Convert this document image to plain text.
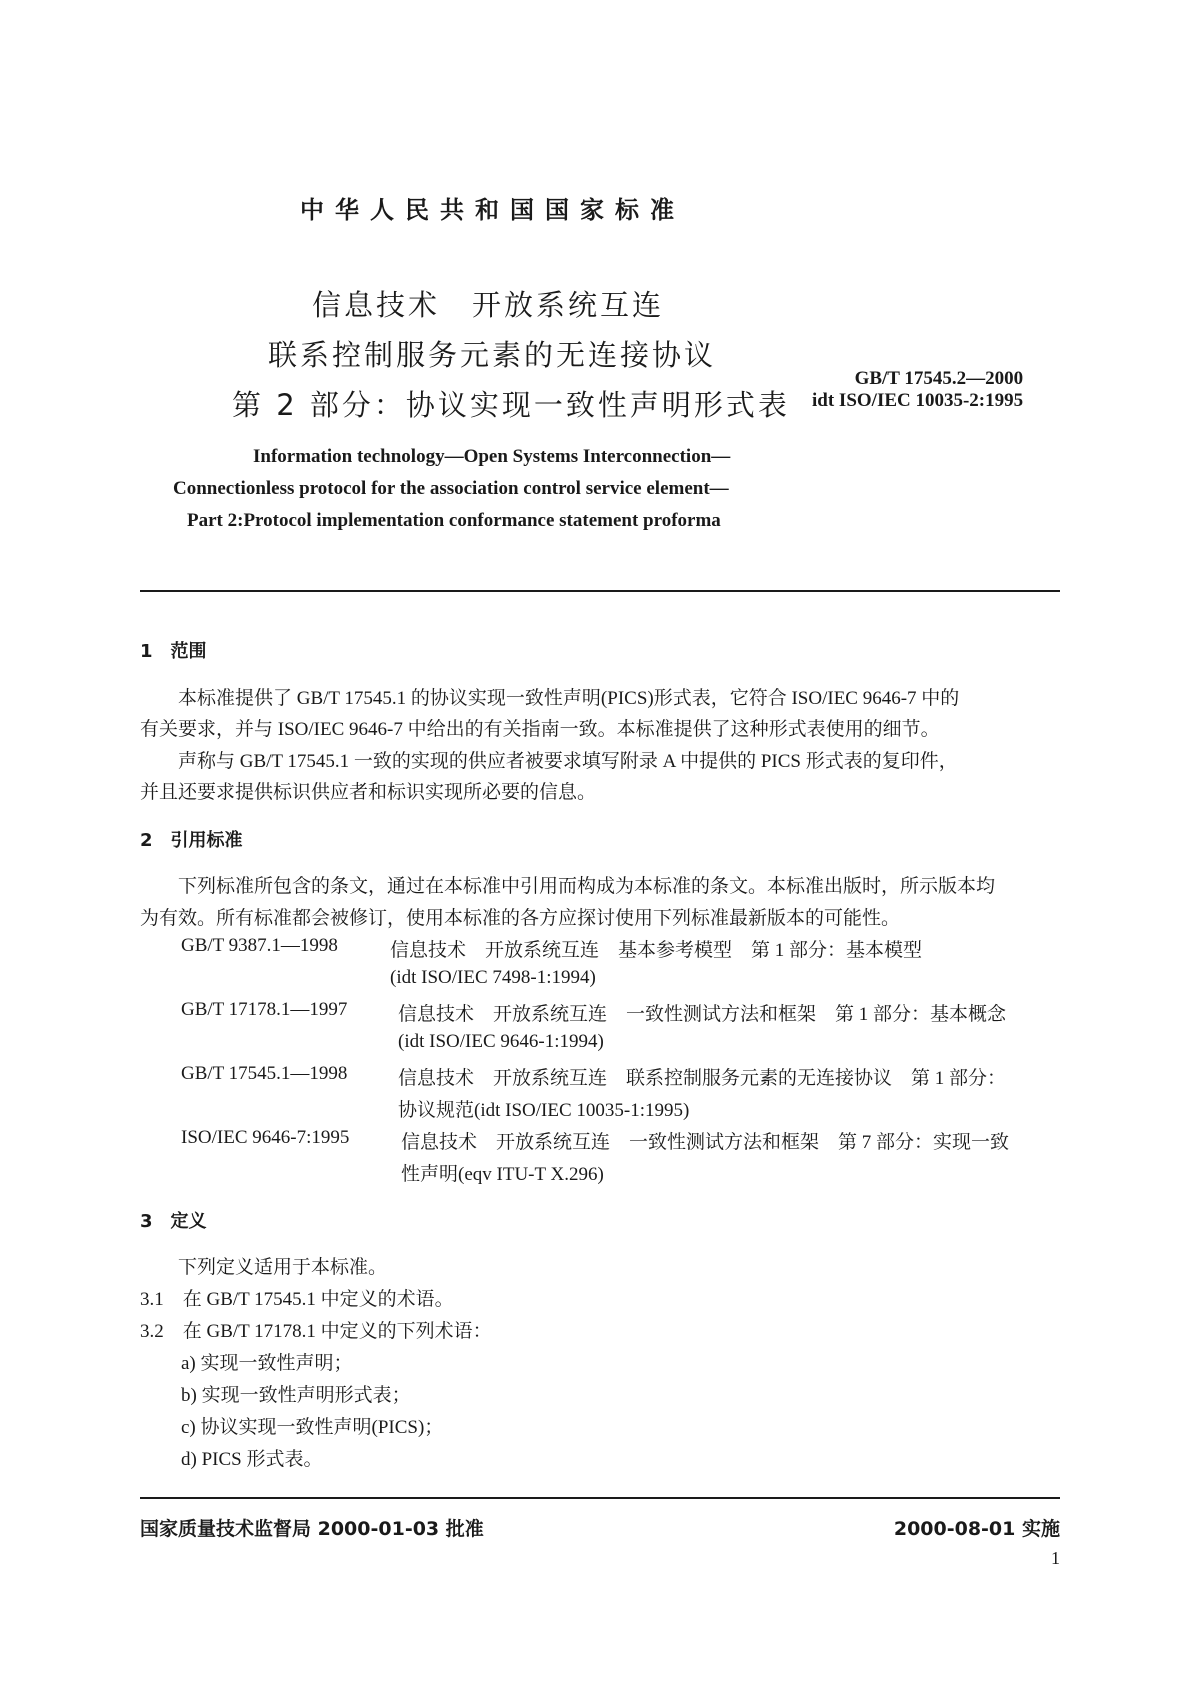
中华人民共和国国家标准
信息技术　开放系统互连
联系控制服务元素的无连接协议
第 2 部分：协议实现一致性声明形式表
GB/T 17545.2—2000
idt ISO/IEC 10035-2:1995
Information technology—Open Systems Interconnection—
Connectionless protocol for the association control service element—
Part 2:Protocol implementation conformance statement proforma
1　范围
　　本标准提供了 GB/T 17545.1 的协议实现一致性声明(PICS)形式表，它符合 ISO/IEC 9646-7 中的
有关要求，并与 ISO/IEC 9646-7 中给出的有关指南一致。本标准提供了这种形式表使用的细节。
　　声称与 GB/T 17545.1 一致的实现的供应者被要求填写附录 A 中提供的 PICS 形式表的复印件，
并且还要求提供标识供应者和标识实现所必要的信息。
2　引用标准
　　下列标准所包含的条文，通过在本标准中引用而构成为本标准的条文。本标准出版时，所示版本均
为有效。所有标准都会被修订，使用本标准的各方应探讨使用下列标准最新版本的可能性。
GB/T 9387.1—1998	信息技术　开放系统互连　基本参考模型　第 1 部分：基本模型
(idt ISO/IEC 7498-1:1994)
GB/T 17178.1—1997	信息技术　开放系统互连　一致性测试方法和框架　第 1 部分：基本概念
(idt ISO/IEC 9646-1:1994)
GB/T 17545.1—1998	信息技术　开放系统互连　联系控制服务元素的无连接协议　第 1 部分：
协议规范(idt ISO/IEC 10035-1:1995)
ISO/IEC 9646-7:1995	信息技术　开放系统互连　一致性测试方法和框架　第 7 部分：实现一致
性声明(eqv ITU-T X.296)
3　定义
　　下列定义适用于本标准。
3.1　在 GB/T 17545.1 中定义的术语。
3.2　在 GB/T 17178.1 中定义的下列术语：
a) 实现一致性声明；
b) 实现一致性声明形式表；
c) 协议实现一致性声明(PICS)；
d) PICS 形式表。
国家质量技术监督局 2000-01-03 批准	2000-08-01 实施
1
